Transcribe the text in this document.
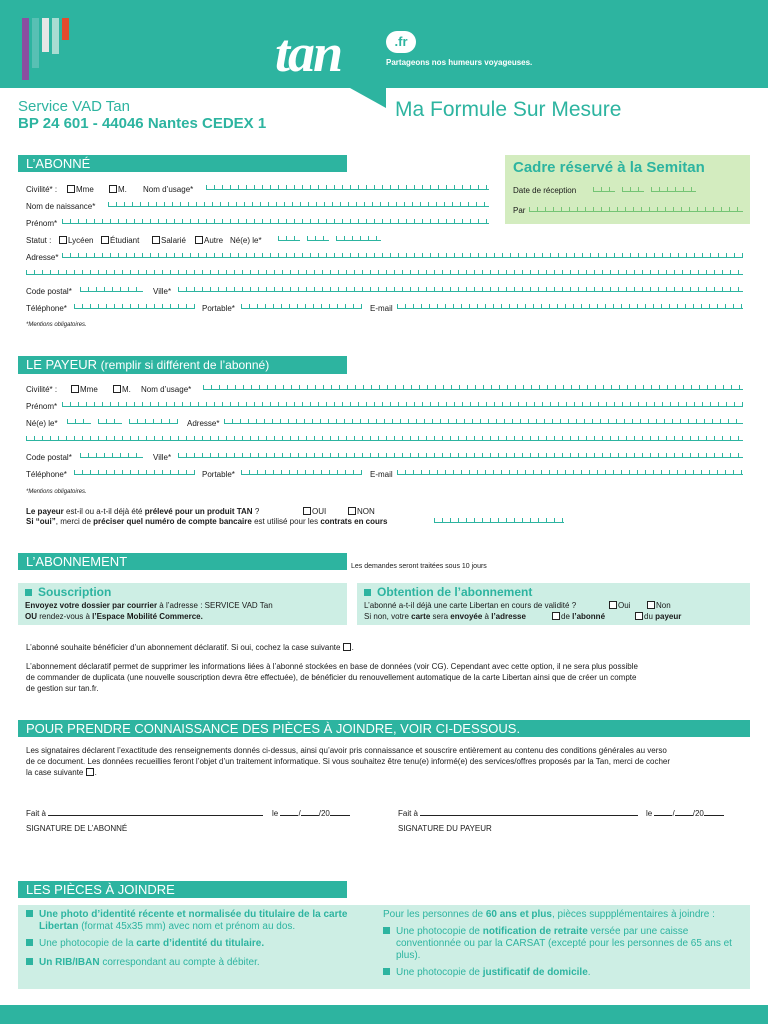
tan	.fr
Partageons nos humeurs voyageuses.
Service VAD Tan
BP 24 601 - 44046 Nantes CEDEX 1
Ma Formule Sur Mesure
Cadre réservé à la Semitan
Date de réception
Par
L’ABONNÉ
Civilité* :	Mme	M. Nom d’usage*
Nom de naissance*
Prénom*
Statut :	Lycéen	Étudiant	Salarié	Autre Né(e) le*
Adresse*
Code postal*	Ville*
Téléphone*	Portable*	E-mail
*Mentions obligatoires.
LE PAYEUR (remplir si différent de l’abonné)
Civilité* :	Mme	M. Nom d’usage*
Prénom*
Né(e) le*	Adresse*
Code postal*	Ville*
Téléphone*	Portable*	E-mail
*Mentions obligatoires.
Le payeur est-il ou a-t-il déjà été prélevé pour un produit TAN ?	OUI	NON
Si “oui”, merci de préciser quel numéro de compte bancaire est utilisé pour les contrats en cours
L’ABONNEMENT	Les demandes seront traitées sous 10 jours
Souscription
Envoyez votre dossier par courrier à l’adresse : SERVICE VAD Tan
OU rendez-vous à l’Espace Mobilité Commerce.
Obtention de l’abonnement
L’abonné a-t-il déjà une carte Libertan en cours de validité ?	Oui	Non
Si non, votre carte sera envoyée à l’adresse	de l’abonné	du payeur
L’abonné souhaite bénéficier d’un abonnement déclaratif. Si oui, cochez la case suivante .
L’abonnement déclaratif permet de supprimer les informations liées à l’abonné stockées en base de données (voir CG). Cependant avec cette option, il ne sera plus possible
de commander de duplicata (une nouvelle souscription devra être effectuée), de bénéficier du renouvellement automatique de la carte Libertan ainsi que de créer un compte
de gestion sur tan.fr.
POUR PRENDRE CONNAISSANCE DES PIÈCES À JOINDRE, VOIR CI-DESSOUS.
Les signataires déclarent l’exactitude des renseignements donnés ci-dessus, ainsi qu’avoir pris connaissance et souscrire entièrement au contenu des conditions générales au verso
de ce document. Les données recueillies feront l’objet d’un traitement informatique. Si vous souhaitez être tenu(e) informé(e) des services/offres proposés par la Tan, merci de cocher
la case suivante .
Fait à	le	/ /20
SIGNATURE DE L’ABONNÉ
Fait à	le	/ /20
SIGNATURE DU PAYEUR
LES PIÈCES À JOINDRE
Une photo d’identité récente et normalisée du titulaire de la carte Libertan (format 45x35 mm) avec nom et prénom au dos.
Une photocopie de la carte d’identité du titulaire.
Un RIB/IBAN correspondant au compte à débiter.
Pour les personnes de 60 ans et plus, pièces suppplémentaires à joindre :
Une photocopie de notification de retraite versée par une caisse conventionnée ou par la CARSAT (excepté pour les personnes de 65 ans et plus).
Une photocopie de justificatif de domicile.
